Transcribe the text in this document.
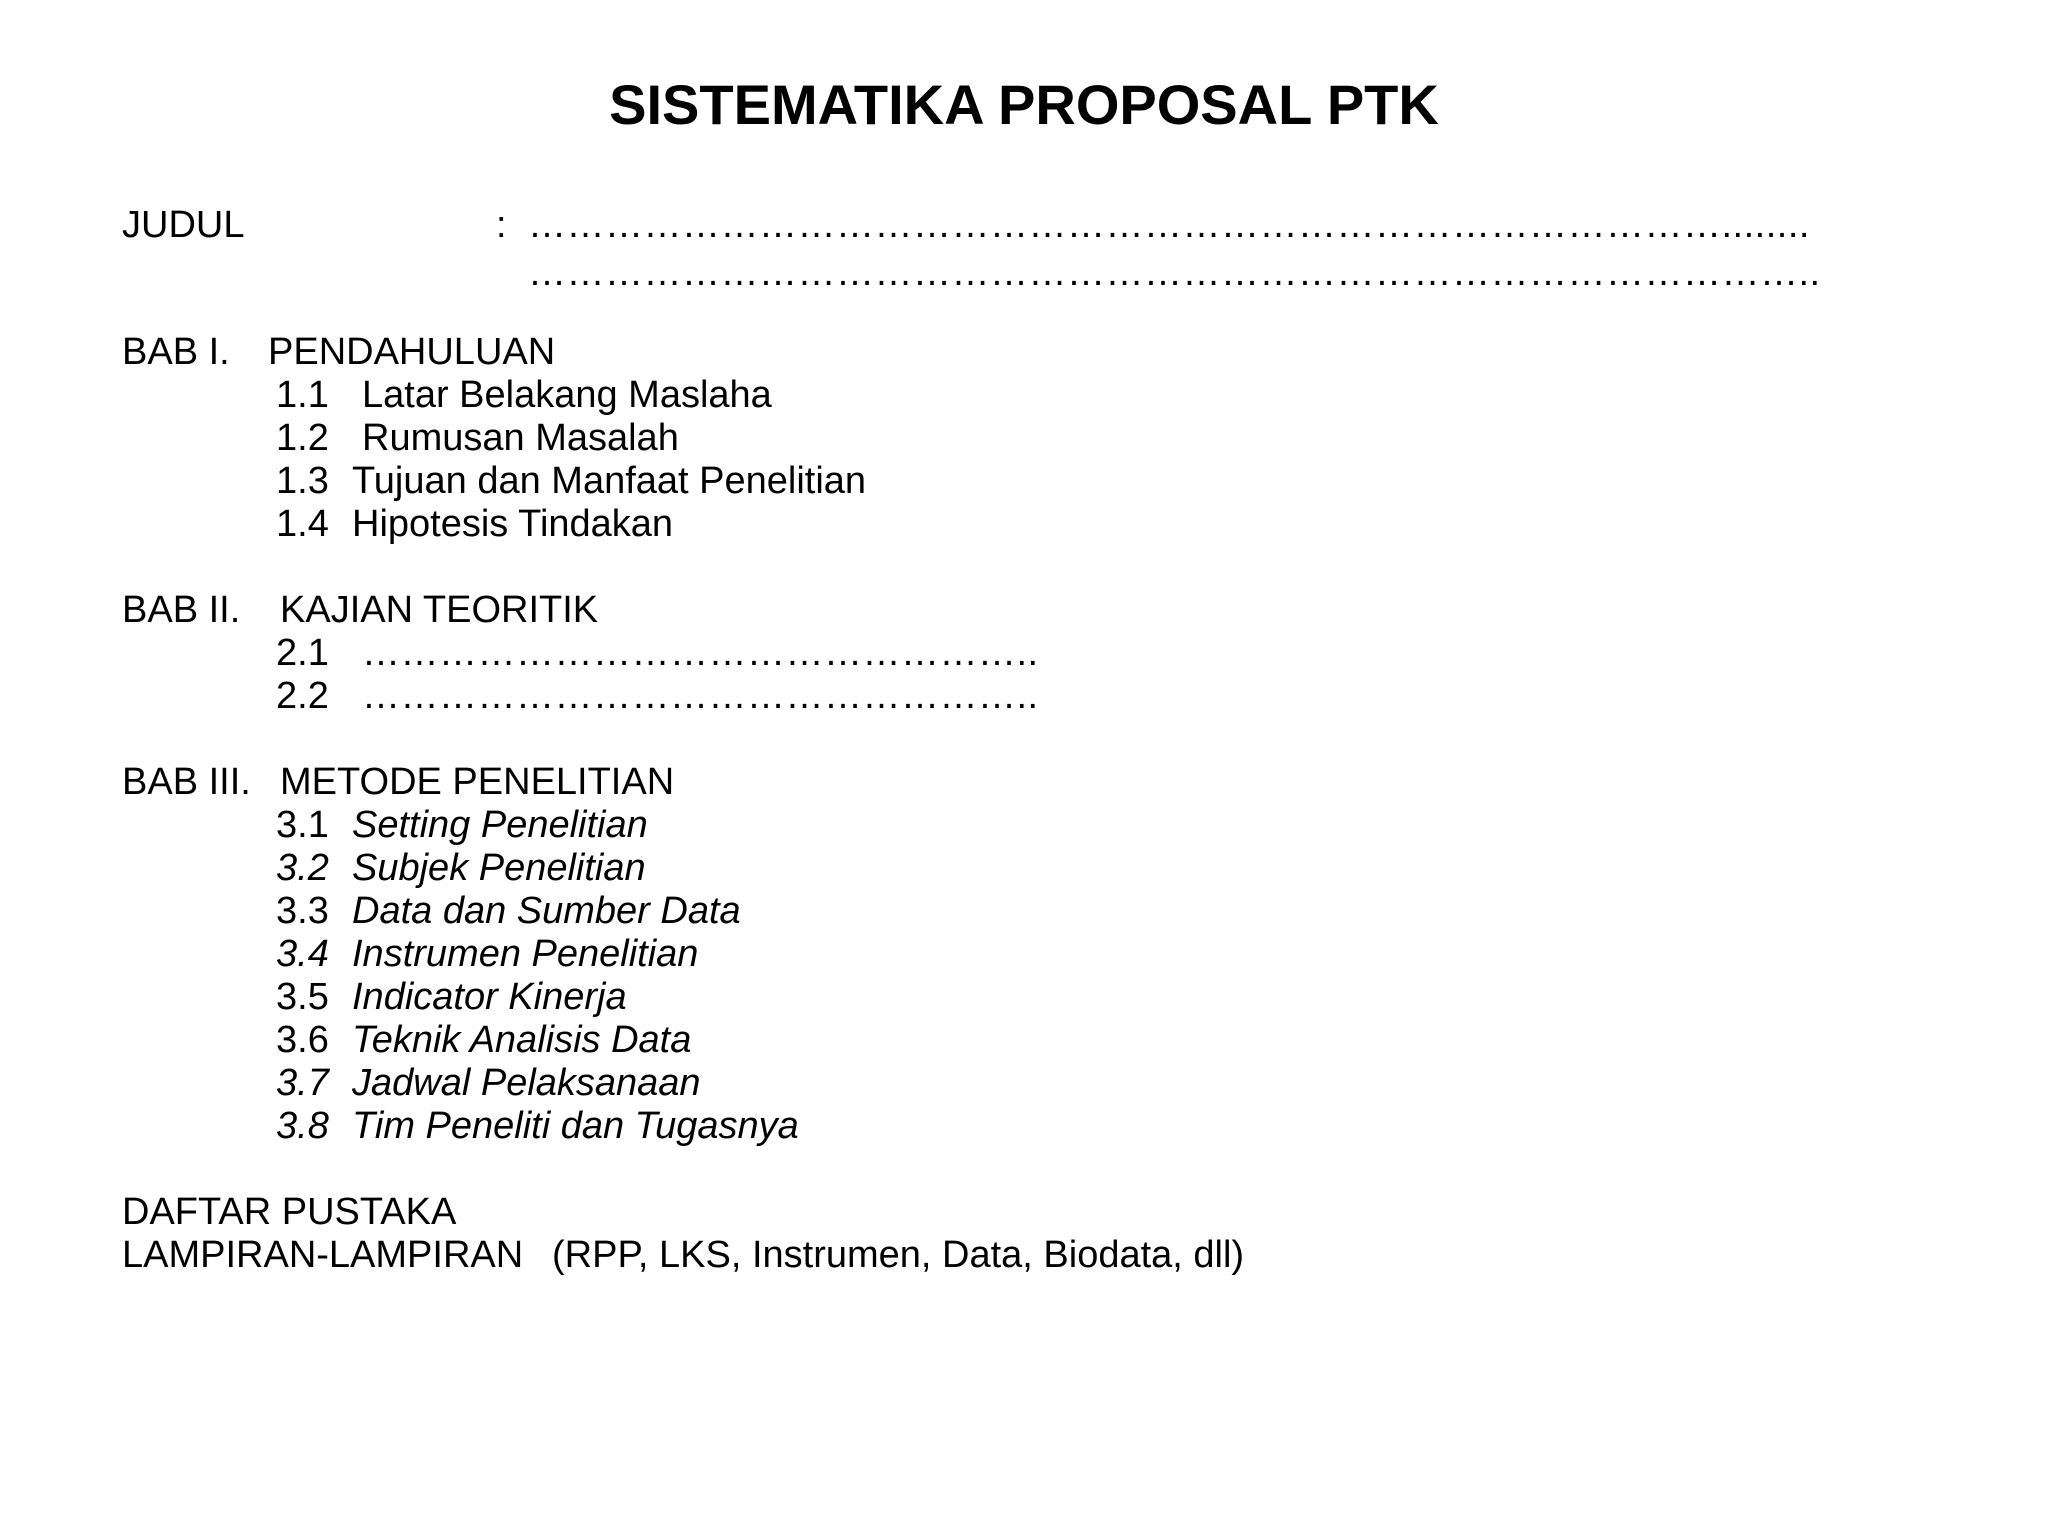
SISTEMATIKA PROPOSAL PTK
JUDUL	: …………………………………………………………………………………........
………………………………………………………………………………………..
BAB I. PENDAHULUAN
1.1 Latar Belakang Maslaha
1.2 Rumusan Masalah
1.3 Tujuan dan Manfaat Penelitian
1.4 Hipotesis Tindakan
BAB II. KAJIAN TEORITIK
2.1 ……………………………………………..
2.2 ……………………………………………..
BAB III. METODE PENELITIAN
3.1 Setting Penelitian
3.2 Subjek Penelitian
3.3 Data dan Sumber Data
3.4 Instrumen Penelitian
3.5 Indicator Kinerja
3.6 Teknik Analisis Data
3.7 Jadwal Pelaksanaan
3.8 Tim Peneliti dan Tugasnya
DAFTAR PUSTAKA
LAMPIRAN-LAMPIRAN (RPP, LKS, Instrumen, Data, Biodata, dll)
